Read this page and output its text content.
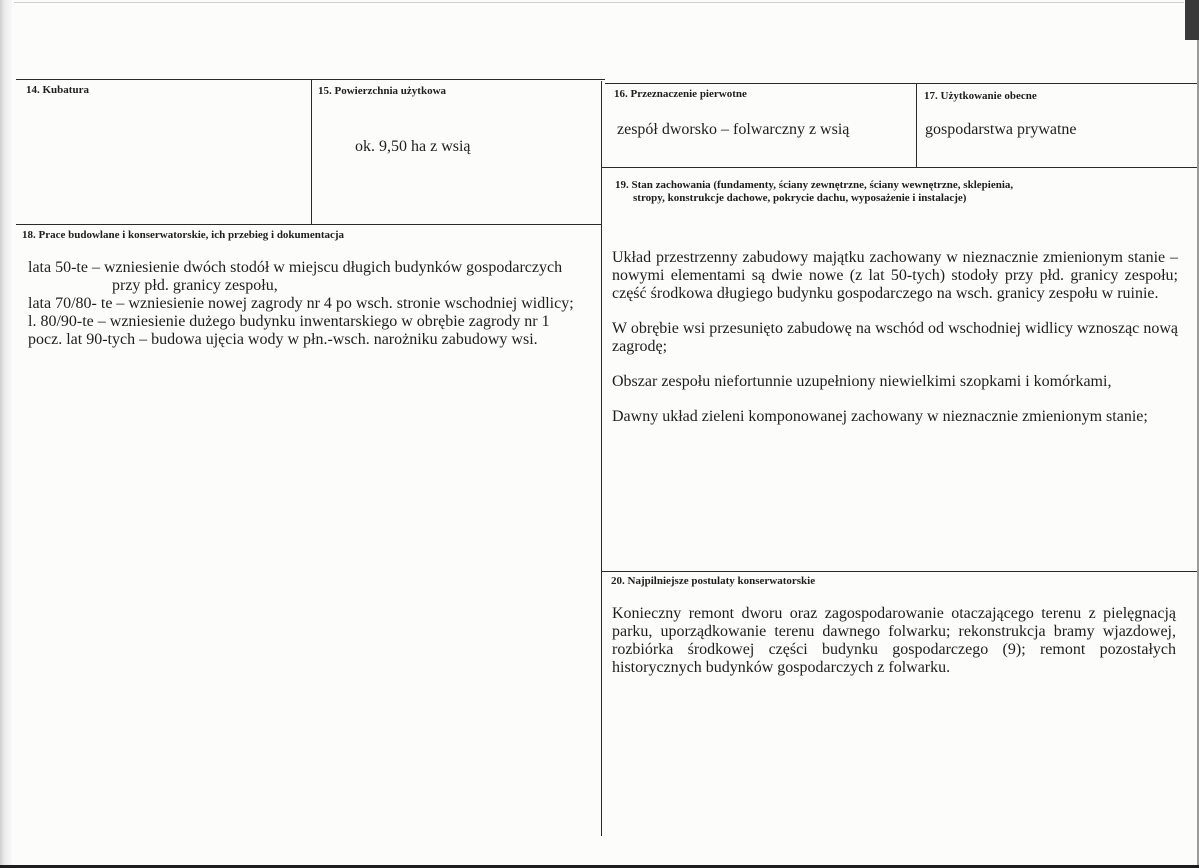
14. Kubatura	15. Powierzchnia użytkowa
ok. 9,50 ha z wsią
16. Przeznaczenie pierwotne
zespół dworsko – folwarczny z wsią
17. Użytkowanie obecne
gospodarstwa prywatne
18. Prace budowlane i konserwatorskie, ich przebieg i dokumentacja

lata 50-te – wzniesienie dwóch stodół w miejscu długich budynków gospodarczych przy płd. granicy zespołu,

lata 70/80- te – wzniesienie nowej zagrody nr 4 po wsch. stronie wschodniej widlicy;

l. 80/90-te – wzniesienie dużego budynku inwentarskiego w obrębie zagrody nr 1

pocz. lat 90-tych – budowa ujęcia wody w płn.-wsch. narożniku zabudowy wsi.

19. Stan zachowania (fundamenty, ściany zewnętrzne, ściany wewnętrzne, sklepienia,
stropy, konstrukcje dachowe, pokrycie dachu, wyposażenie i instalacje)

Układ przestrzenny zabudowy majątku zachowany w nieznacznie zmienionym stanie – nowymi elementami są dwie nowe (z lat 50-tych) stodoły przy płd. granicy zespołu; część środkowa długiego budynku gospodarczego na wsch. granicy zespołu w ruinie.

W obrębie wsi przesunięto zabudowę na wschód od wschodniej widlicy wznosząc nową zagrodę;

Obszar zespołu niefortunnie uzupełniony niewielkimi szopkami i komórkami,

Dawny układ zieleni komponowanej zachowany w nieznacznie zmienionym stanie;

20. Najpilniejsze postulaty konserwatorskie

Konieczny remont dworu oraz zagospodarowanie otaczającego terenu z pielęgnacją parku, uporządkowanie terenu dawnego folwarku; rekonstrukcja bramy wjazdowej, rozbiórka środkowej części budynku gospodarczego (9); remont pozostałych historycznych budynków gospodarczych z folwarku.
